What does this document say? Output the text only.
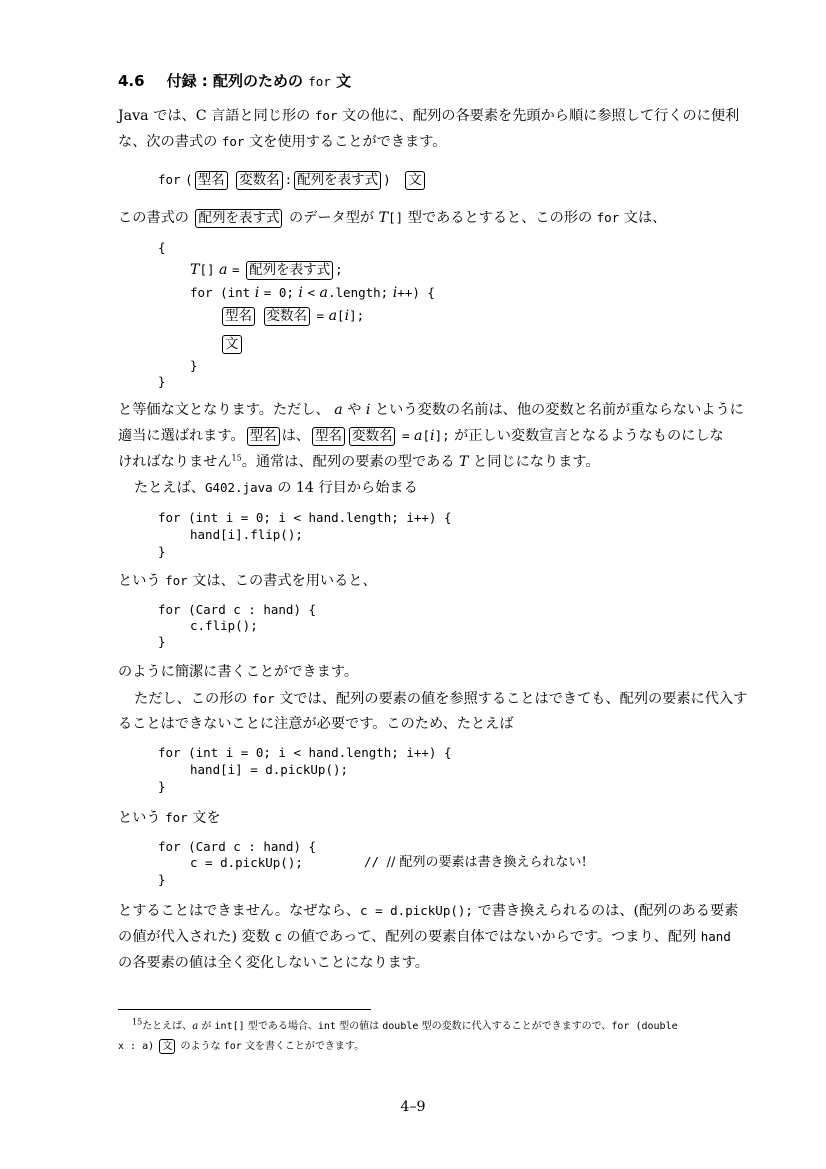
4.6 付録 : 配列のための for 文
Java では、C 言語と同じ形の for 文の他に、配列の各要素を先頭から順に参照して行くのに便利
な、次の書式の for 文を使用することができます。
for ( 型名 変数名 : 配列を表す式 ) 文
この書式の 配列を表す式 のデータ型が T[] 型であるとすると、この形の for 文は、
{
T[] a = 配列を表す式 ;
for (int i = 0; i < a.length; i++) {
型名 変数名 = a[i];
文
}
}
と等価な文となります。ただし、 a や i という変数の名前は、他の変数と名前が重ならないように
適当に選ばれます。 型名 は、 型名 変数名 = a[i]; が正しい変数宣言となるようなものにしな
ければなりません$^{15}$。通常は、配列の要素の型である T と同じになります。
たとえば、G402.java の 14 行目から始まる
for (int i = 0; i < hand.length; i++) {
hand[i].flip();
}
という for 文は、この書式を用いると、
for (Card c : hand) {
c.flip();
}
のように簡潔に書くことができます。
ただし、この形の for 文では、配列の要素の値を参照することはできても、配列の要素に代入す
ることはできないことに注意が必要です。このため、たとえば
for (int i = 0; i < hand.length; i++) {
hand[i] = d.pickUp();
}
という for 文を
for (Card c : hand) {
c = d.pickUp();	// // 配列の要素は書き換えられない!
}
とすることはできません。なぜなら、c = d.pickUp(); で書き換えられるのは、(配列のある要素
の値が代入された) 変数 c の値であって、配列の要素自体ではないからです。つまり、配列 hand
の各要素の値は全く変化しないことになります。
$^{15}$たとえば、a が int[] 型である場合、int 型の値は double 型の変数に代入することができますので、for (double
x : a) 文 のような for 文を書くことができます。
4–9
